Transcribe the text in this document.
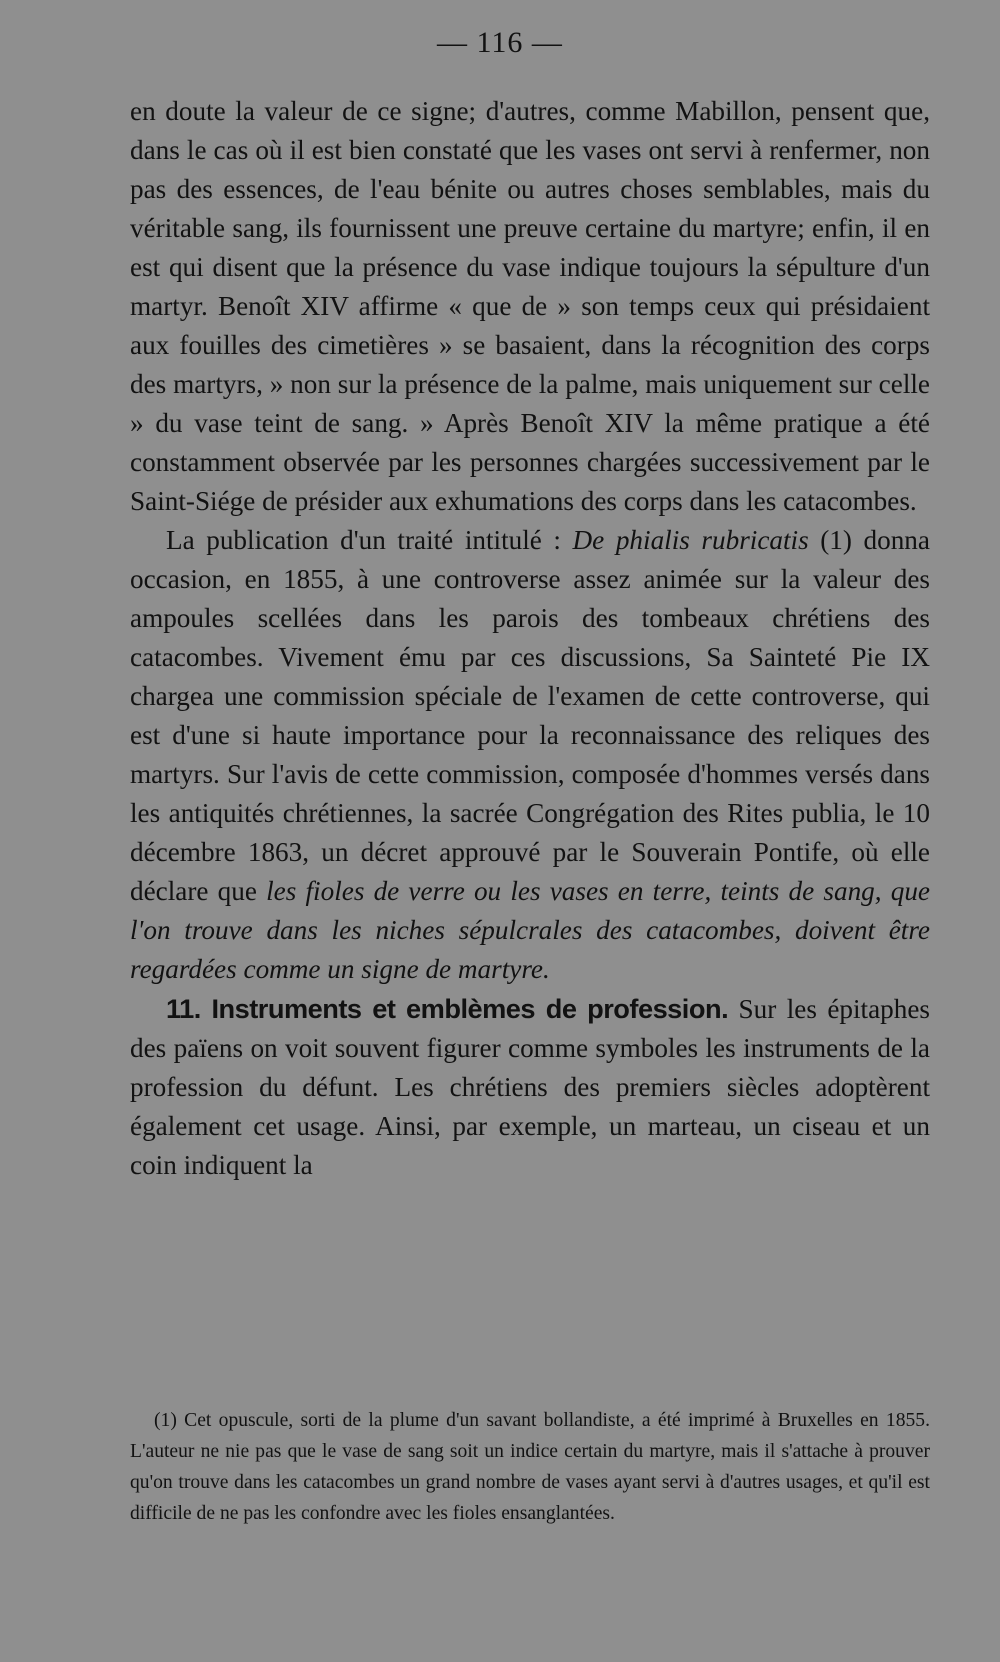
— 116 —

en doute la valeur de ce signe; d'autres, comme Mabillon, pensent que, dans le cas où il est bien constaté que les vases ont servi à renfermer, non pas des essences, de l'eau bénite ou autres choses semblables, mais du véritable sang, ils fournissent une preuve certaine du martyre; enfin, il en est qui disent que la présence du vase indique toujours la sépulture d'un martyr. Benoît XIV affirme « que de » son temps ceux qui présidaient aux fouilles des cimetières » se basaient, dans la récognition des corps des martyrs, » non sur la présence de la palme, mais uniquement sur celle » du vase teint de sang. » Après Benoît XIV la même pratique a été constamment observée par les personnes chargées successivement par le Saint-Siége de présider aux exhumations des corps dans les catacombes.

La publication d'un traité intitulé : De phialis rubricatis (1) donna occasion, en 1855, à une controverse assez animée sur la valeur des ampoules scellées dans les parois des tombeaux chrétiens des catacombes. Vivement ému par ces discussions, Sa Sainteté Pie IX chargea une commission spéciale de l'examen de cette controverse, qui est d'une si haute importance pour la reconnaissance des reliques des martyrs. Sur l'avis de cette commission, composée d'hommes versés dans les antiquités chrétiennes, la sacrée Congrégation des Rites publia, le 10 décembre 1863, un décret approuvé par le Souverain Pontife, où elle déclare que les fioles de verre ou les vases en terre, teints de sang, que l'on trouve dans les niches sépulcrales des catacombes, doivent être regardées comme un signe de martyre.

11. Instruments et emblèmes de profession. Sur les épitaphes des païens on voit souvent figurer comme symboles les instruments de la profession du défunt. Les chrétiens des premiers siècles adoptèrent également cet usage. Ainsi, par exemple, un marteau, un ciseau et un coin indiquent la

(1) Cet opuscule, sorti de la plume d'un savant bollandiste, a été imprimé à Bruxelles en 1855. L'auteur ne nie pas que le vase de sang soit un indice certain du martyre, mais il s'attache à prouver qu'on trouve dans les catacombes un grand nombre de vases ayant servi à d'autres usages, et qu'il est difficile de ne pas les confondre avec les fioles ensanglantées.
